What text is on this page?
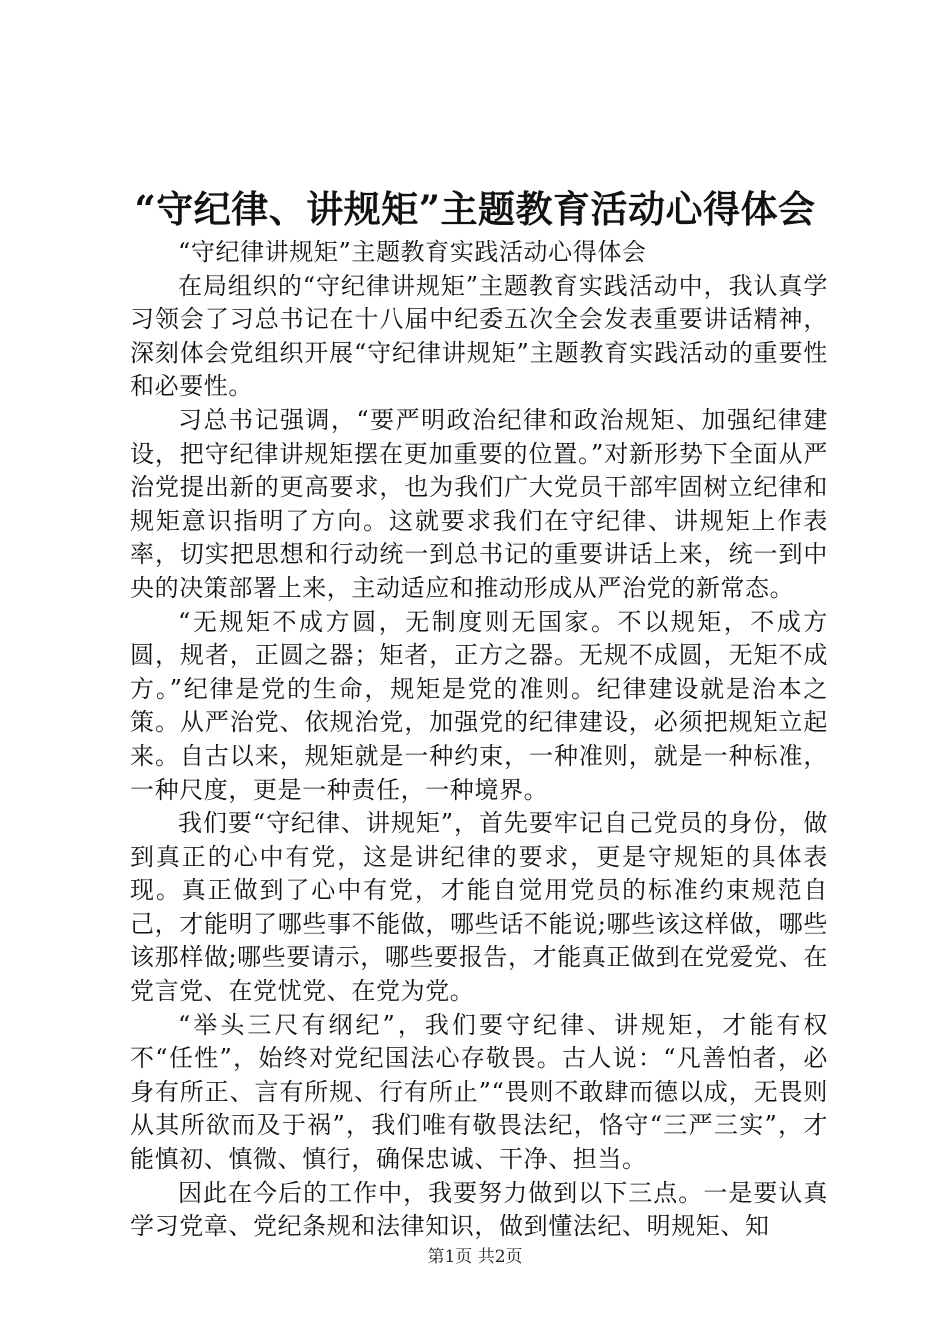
“守纪律、讲规矩”主题教育活动心得体会

“守纪律讲规矩”主题教育实践活动心得体会

在局组织的“守纪律讲规矩”主题教育实践活动中，我认真学习领会了习总书记在十八届中纪委五次全会发表重要讲话精神，深刻体会党组织开展“守纪律讲规矩”主题教育实践活动的重要性和必要性。

习总书记强调，“要严明政治纪律和政治规矩、加强纪律建设，把守纪律讲规矩摆在更加重要的位置。”对新形势下全面从严治党提出新的更高要求，也为我们广大党员干部牢固树立纪律和规矩意识指明了方向。这就要求我们在守纪律、讲规矩上作表率，切实把思想和行动统一到总书记的重要讲话上来，统一到中央的决策部署上来，主动适应和推动形成从严治党的新常态。

“无规矩不成方圆，无制度则无国家。不以规矩，不成方圆，规者，正圆之器；矩者，正方之器。无规不成圆，无矩不成方。”纪律是党的生命，规矩是党的准则。纪律建设就是治本之策。从严治党、依规治党，加强党的纪律建设，必须把规矩立起来。自古以来，规矩就是一种约束，一种准则，就是一种标准，一种尺度，更是一种责任，一种境界。

我们要“守纪律、讲规矩”，首先要牢记自己党员的身份，做到真正的心中有党，这是讲纪律的要求，更是守规矩的具体表现。真正做到了心中有党，才能自觉用党员的标准约束规范自己，才能明了哪些事不能做，哪些话不能说;哪些该这样做，哪些该那样做;哪些要请示，哪些要报告，才能真正做到在党爱党、在党言党、在党忧党、在党为党。

“举头三尺有纲纪”，我们要守纪律、讲规矩，才能有权不“任性”，始终对党纪国法心存敬畏。古人说：“凡善怕者，必身有所正、言有所规、行有所止”“畏则不敢肆而德以成，无畏则从其所欲而及于祸”，我们唯有敬畏法纪，恪守“三严三实”，才能慎初、慎微、慎行，确保忠诚、干净、担当。

因此在今后的工作中，我要努力做到以下三点。一是要认真学习党章、党纪条规和法律知识，做到懂法纪、明规矩、知

第1页 共2页
